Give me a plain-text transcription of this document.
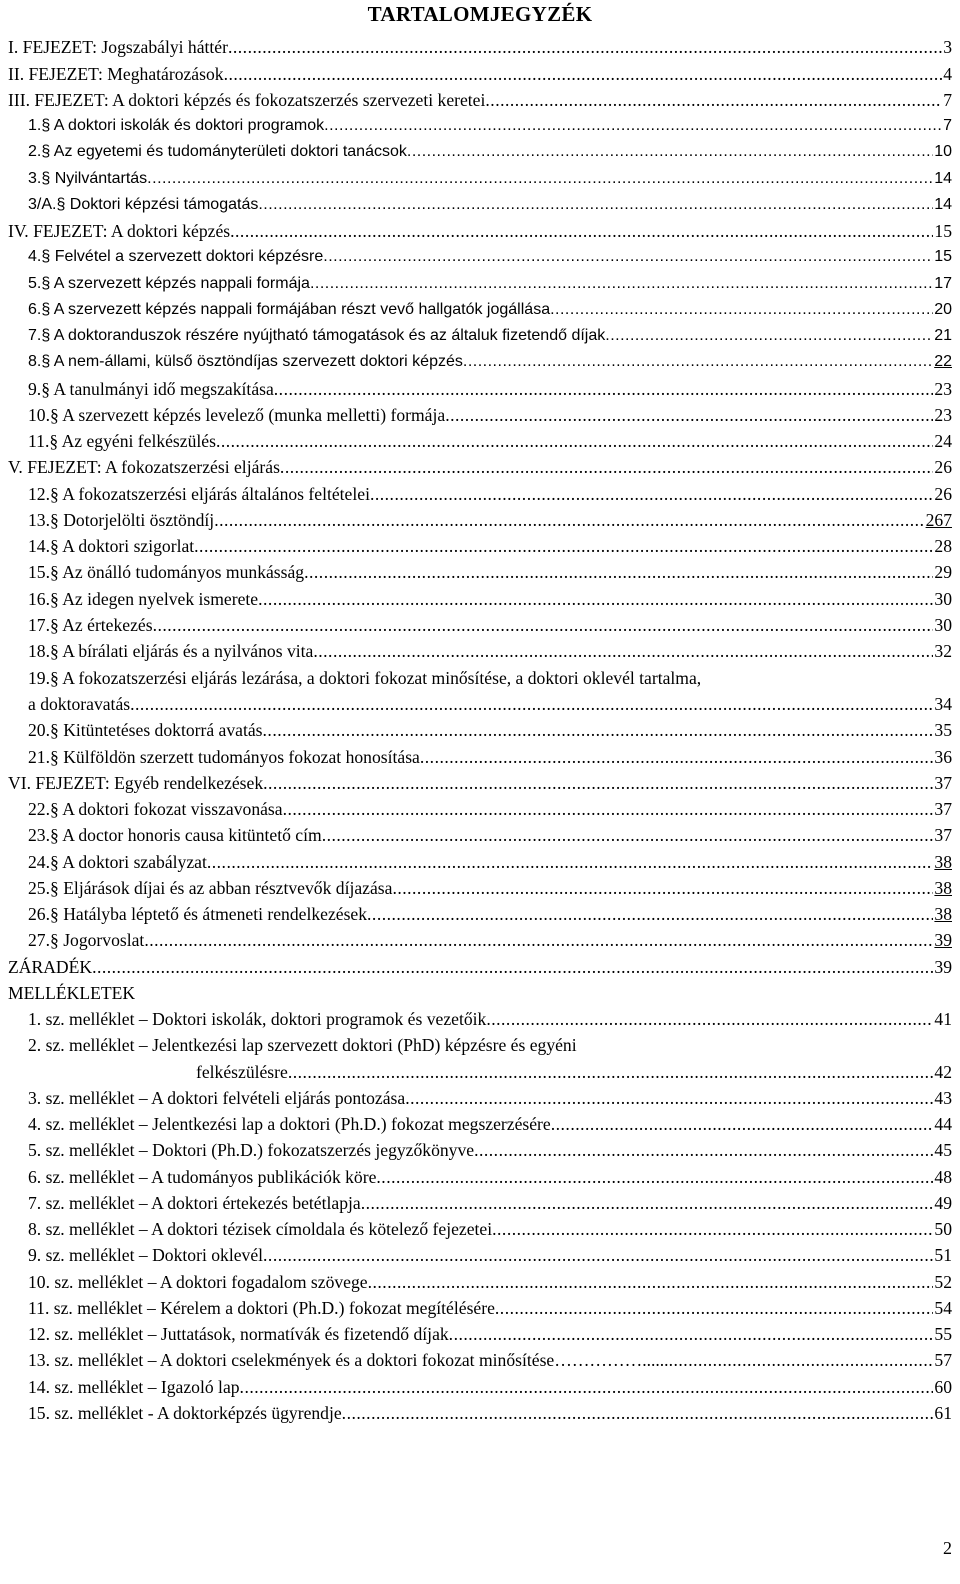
TARTALOMJEGYZÉK
I. FEJEZET: Jogszabályi háttér .....	3
II. FEJEZET: Meghatározások .....	4
III. FEJEZET: A doktori képzés és fokozatszerzés szervezeti keretei .....	7
1.§ A doktori iskolák és doktori programok .....	7
2.§ Az egyetemi és tudományterületi doktori tanácsok .....	10
3.§ Nyilvántartás .....	14
3/A.§ Doktori képzési támogatás .....	14
IV. FEJEZET: A doktori képzés .....	15
4.§ Felvétel a szervezett doktori képzésre .....	15
5.§ A szervezett képzés nappali formája .....	17
6.§ A szervezett képzés nappali formájában részt vevő hallgatók jogállása .....	20
7.§ A doktoranduszok részére nyújtható támogatások és az általuk fizetendő díjak .....	21
8.§ A nem-állami, külső ösztöndíjas szervezett doktori képzés .....	22
9.§ A tanulmányi idő megszakítása .....	23
10.§ A szervezett képzés levelező (munka melletti) formája .....	23
11.§ Az egyéni felkészülés .....	24
V. FEJEZET: A fokozatszerzési eljárás .....	26
12.§ A fokozatszerzési eljárás általános feltételei .....	26
13.§ Dotorjelölti ösztöndíj .....	267
14.§ A doktori szigorlat .....	28
15.§ Az önálló tudományos munkásság .....	29
16.§ Az idegen nyelvek ismerete .....	30
17.§ Az értekezés .....	30
18.§ A bírálati eljárás és a nyilvános vita .....	32
19.§ A fokozatszerzési eljárás lezárása, a doktori fokozat minősítése, a doktori oklevél tartalma,
a doktoravatás .....	34
20.§ Kitüntetéses doktorrá avatás .....	35
21.§ Külföldön szerzett tudományos fokozat honosítása .....	36
VI. FEJEZET: Egyéb rendelkezések .....	37
22.§ A doktori fokozat visszavonása .....	37
23.§ A doctor honoris causa kitüntető cím .....	37
24.§ A doktori szabályzat .....	38
25.§ Eljárások díjai és az abban résztvevők díjazása .....	38
26.§ Hatályba léptető és átmeneti rendelkezések .....	38
27.§ Jogorvoslat .....	39
ZÁRADÉK .....	39
MELLÉKLETEK
1. sz. melléklet – Doktori iskolák, doktori programok és vezetőik .....	41
2. sz. melléklet – Jelentkezési lap szervezett doktori (PhD) képzésre és egyéni
felkészülésre .....	42
3. sz. melléklet – A doktori felvételi eljárás pontozása .....	43
4. sz. melléklet – Jelentkezési lap a doktori (Ph.D.) fokozat megszerzésére .....	44
5. sz. melléklet – Doktori (Ph.D.) fokozatszerzés jegyzőkönyve .....	45
6. sz. melléklet – A tudományos publikációk köre .....	48
7. sz. melléklet – A doktori értekezés betétlapja .....	49
8. sz. melléklet – A doktori tézisek címoldala és kötelező fejezetei .....	50
9. sz. melléklet – Doktori oklevél .....	51
10. sz. melléklet – A doktori fogadalom szövege .....	52
11. sz. melléklet – Kérelem a doktori (Ph.D.) fokozat megítélésére .....	54
12. sz. melléklet – Juttatások, normatívák és fizetendő díjak .....	55
13. sz. melléklet – A doktori cselekmények és a doktori fokozat minősítése……………...... .....	57
14. sz. melléklet – Igazoló lap .....	60
15. sz. melléklet - A doktorképzés ügyrendje .....	61
2
